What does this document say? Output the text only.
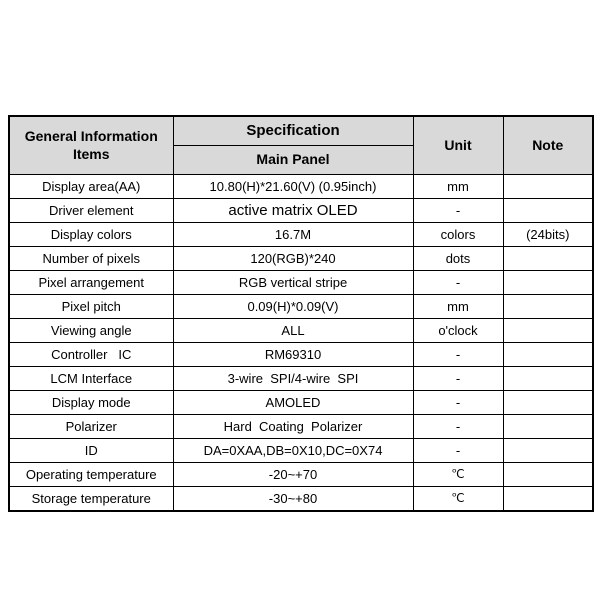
General Information Items	Specification	Unit	Note
	Main Panel		
Display area(AA)	10.80(H)*21.60(V) (0.95inch)	mm	
Driver element	active matrix OLED	-	
Display colors	16.7M	colors	(24bits)
Number of pixels	120(RGB)*240	dots	
Pixel arrangement	RGB vertical stripe	-	
Pixel pitch	0.09(H)*0.09(V)	mm	
Viewing angle	ALL	o'clock	
Controller   IC	RM69310	-	
LCM Interface	3-wire  SPI/4-wire  SPI	-	
Display mode	AMOLED	-	
Polarizer	Hard  Coating  Polarizer	-	
ID	DA=0XAA,DB=0X10,DC=0X74	-	
Operating temperature	-20~+70	℃	
Storage temperature	-30~+80	℃	
